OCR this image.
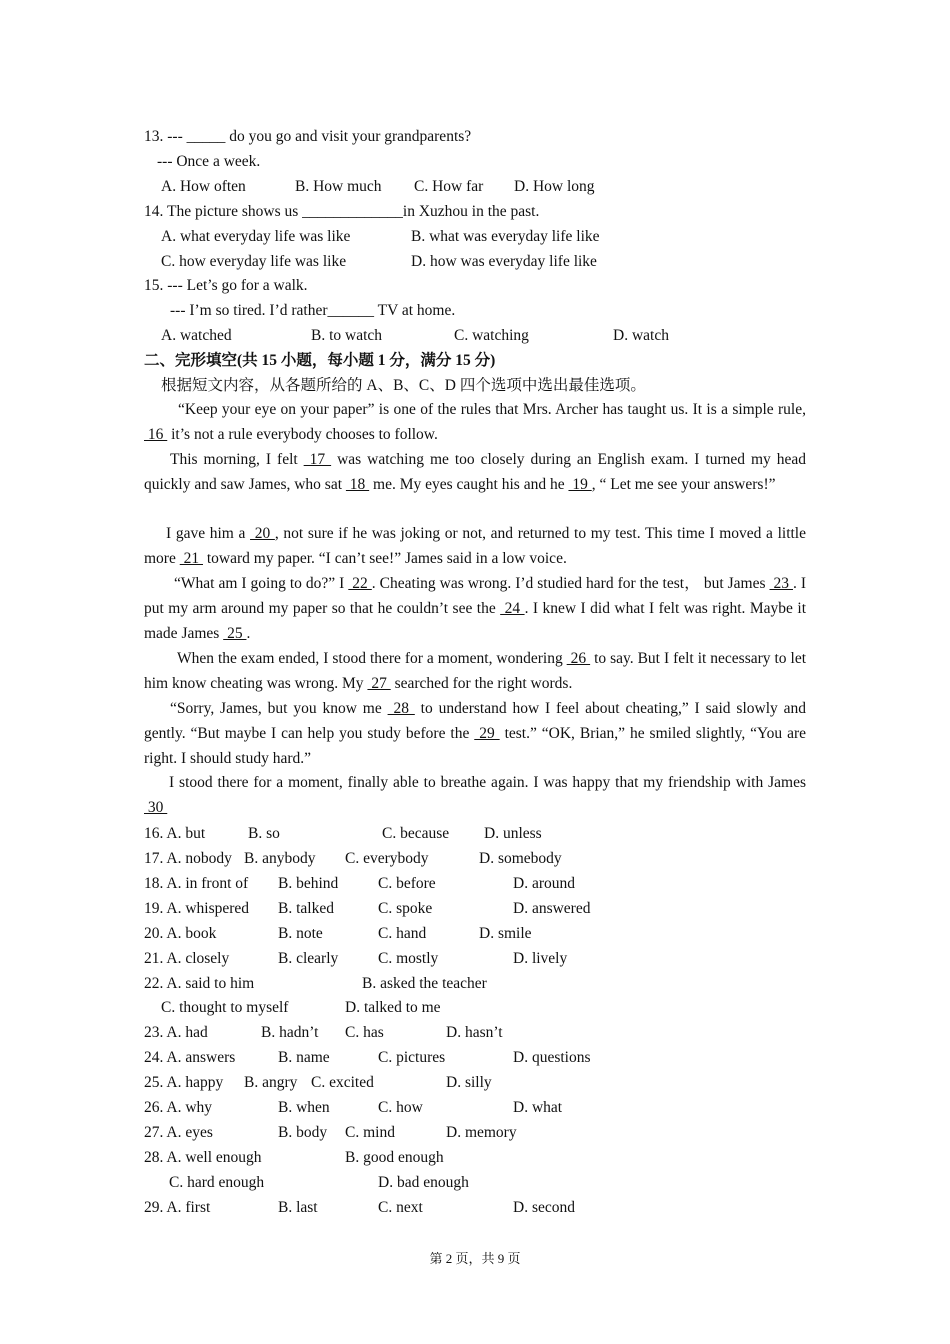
13. --- _____ do you go and visit your grandparents?
--- Once a week.
A. How often	B. How much C. How far D. How long
14. The picture shows us _____________in Xuzhou in the past.
A. what everyday life was like	B. what was everyday life like
C. how everyday life was like	D. how was everyday life like
15. --- Let’s go for a walk.
--- I’m so tired. I’d rather______ TV at home.
A. watched	B. to watch	C. watching	D. watch
二、完形填空(共 15 小题，每小题 1 分，满分 15 分)
根据短文内容，从各题所给的 A、B、C、D 四个选项中选出最佳选项。
“Keep your eye on your paper” is one of the rules that Mrs. Archer has taught us. It is a simple rule,  16  it’s not a rule everybody chooses to follow.
This morning, I felt  17  was watching me too closely during an English exam. I turned my head quickly and saw James, who sat  18  me. My eyes caught his and he  19 , “ Let me see your answers!”
I gave him a  20 , not sure if he was joking or not, and returned to my test. This time I moved a little more  21  toward my paper. “I can’t see!” James said in a low voice.
“What am I going to do?” I  22 . Cheating was wrong. I’d studied hard for the test， but James  23 . I put my arm around my paper so that he couldn’t see the  24 . I knew I did what I felt was right. Maybe it made James  25 .
When the exam ended, I stood there for a moment, wondering  26  to say. But I felt it necessary to let him know cheating was wrong. My  27  searched for the right words.
“Sorry, James, but you know me  28  to understand how I feel about cheating,” I said slowly and gently. “But maybe I can help you study before the  29  test.” “OK, Brian,” he smiled slightly, “You are right. I should study hard.”
I stood there for a moment, finally able to breathe again. I was happy that my friendship with James  30
16. A. but	B. so	C. because D. unless
17. A. nobody B. anybody C. everybody	D. somebody
18. A. in front of B. behind	C. before	D. around
19. A. whispered B. talked	C. spoke	D. answered
20. A. book	B. note	C. hand	D. smile
21. A. closely	B. clearly	C. mostly	D. lively
22. A. said to him	B. asked the teacher
C. thought to myself	D. talked to me
23. A. had	B. hadn’t C. has	D. hasn’t
24. A. answers	B. name	C. pictures	D. questions
25. A. happy B. angry C. excited	D. silly
26. A. why	B. when	C. how	D. what
27. A. eyes	B. body C. mind	D. memory
28. A. well enough	B. good enough
C. hard enough	D. bad enough
29. A. first	B. last	C. next	D. second
第 2 页，共 9 页
